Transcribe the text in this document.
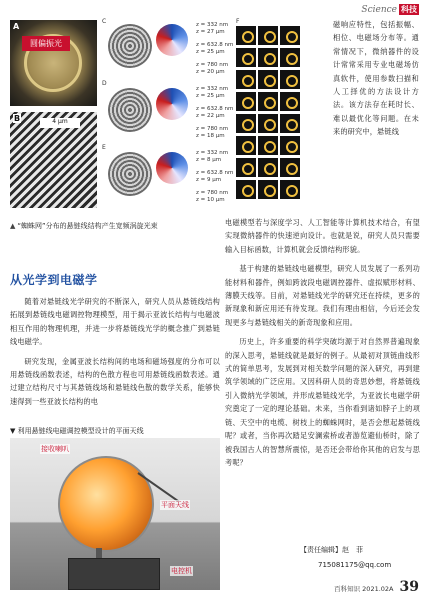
Science 科技
A
圆偏振光
B	4 μm
C
D
E
z = 332 nm
z = 27 μm
z = 632.8 nm
z = 25 μm
z = 780 nm
z = 20 μm
z = 332 nm
z = 25 μm
z = 632.8 nm
z = 22 μm
z = 780 nm
z = 18 μm
z = 332 nm
z = 8 μm
z = 632.8 nm
z = 9 μm
z = 780 nm
z = 10 μm
F
▲ “蜘蛛网”分布的悬链线结构产生宽频涡旋光束

磁响应特性，包括振幅、相位、电磁场分布等。通常情况下，微纳器件的设计常常采用专业电磁场仿真软件，使用参数扫描和人工择优的方法设计方法。该方法存在耗时长、难以最优化等问题。在未来的研究中，悬链线

从光学到电磁学

随着对悬链线光学研究的不断深入，研究人员从悬链线结构拓展到悬链线电磁调控物理模型，用于揭示亚波长结构与电磁波相互作用的物理机理，并进一步将悬链线光学的概念推广到悬链线电磁学。

研究发现，金属亚波长结构间的电场和磁场强度的分布可以用悬链线函数表述，结构的色散方程也可用悬链线函数表述。通过建立结构尺寸与其悬链线场和悬链线色散的数学关系，能够快速得到一些亚波长结构的电

电磁模型若与深度学习、人工智能等计算机技术结合，有望实现微纳器件的快速逆向设计。也就是说，研究人员只需要输入目标函数，计算机就会反馈结构形貌。

基于构建的悬链线电磁模型，研究人员发展了一系列功能材料和器件，例如跨波段电磁调控器件、虚拟赋形材料、薄膜天线等。目前，对悬链线光学的研究还在持续，更多的新现象和新应用还有待发现。我们有理由相信，今后还会发现更多与悬链线相关的新奇现象和应用。

历史上，许多重要的科学突破均源于对自然界普遍现象的深入思考，悬链线就是最好的例子。从最初对顶链曲线形式的简单思考，发展到对相关数学问题的深入研究，再到建筑学领域的广泛应用。又因科研人员的奇思妙想，将悬链线引入微纳光学领域，并形成悬链线光学，为亚波长电磁学研究奠定了一定的理论基础。未来，当你看到诸如脖子上的项链、天空中的电缆、树枝上的蜘蛛网时，是否会想起悬链线呢？或者，当你再次踏足安澜索桥或者游览避仙桥时，除了被我国古人的智慧所震惊，是否还会带给你其他的启发与思考呢？

▼ 利用悬链线电磁调控模型设计的平面天线
接收喇叭
平面天线
电控机
【责任编辑】赵　菲
715081175@qq.com
百科知识 2021.02A 39
